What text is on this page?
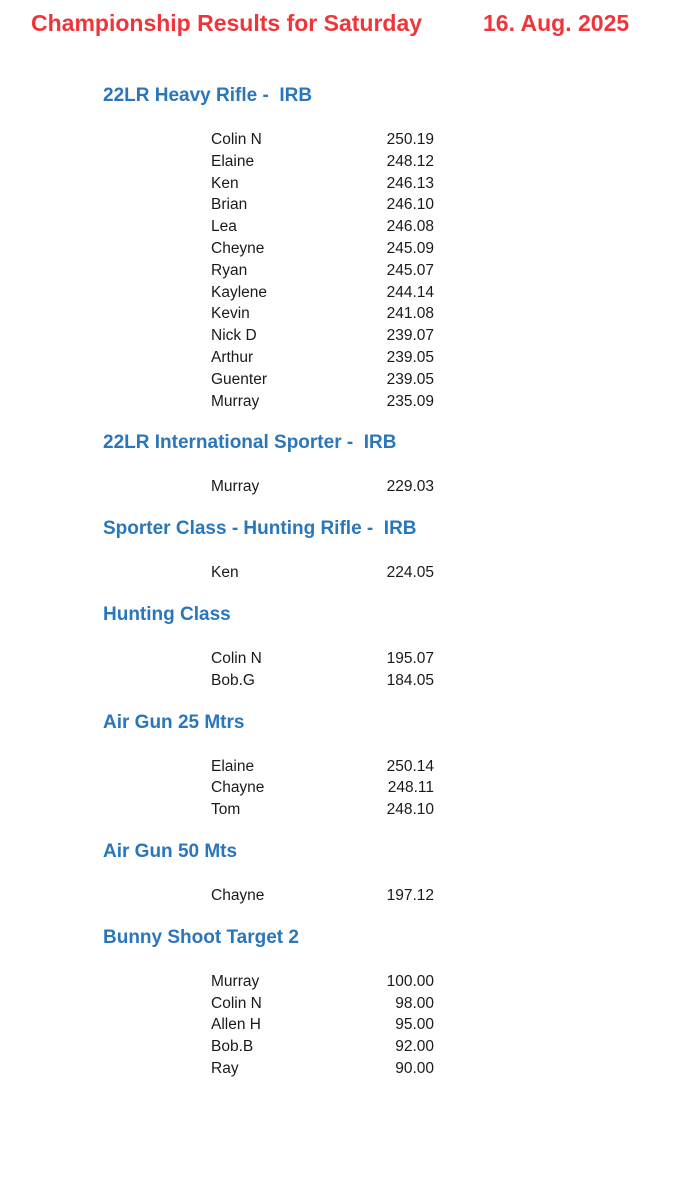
Championship Results for Saturday	16. Aug. 2025
22LR Heavy Rifle -  IRB
Colin N	250.19
Elaine	248.12
Ken	246.13
Brian	246.10
Lea	246.08
Cheyne	245.09
Ryan	245.07
Kaylene	244.14
Kevin	241.08
Nick D	239.07
Arthur	239.05
Guenter	239.05
Murray	235.09
22LR International Sporter -  IRB
Murray	229.03
Sporter Class - Hunting Rifle -  IRB
Ken	224.05
Hunting Class
Colin N	195.07
Bob.G	184.05
Air Gun 25 Mtrs
Elaine	250.14
Chayne	248.11
Tom	248.10
Air Gun 50 Mts
Chayne	197.12
Bunny Shoot Target 2
Murray	100.00
Colin N	98.00
Allen H	95.00
Bob.B	92.00
Ray	90.00
